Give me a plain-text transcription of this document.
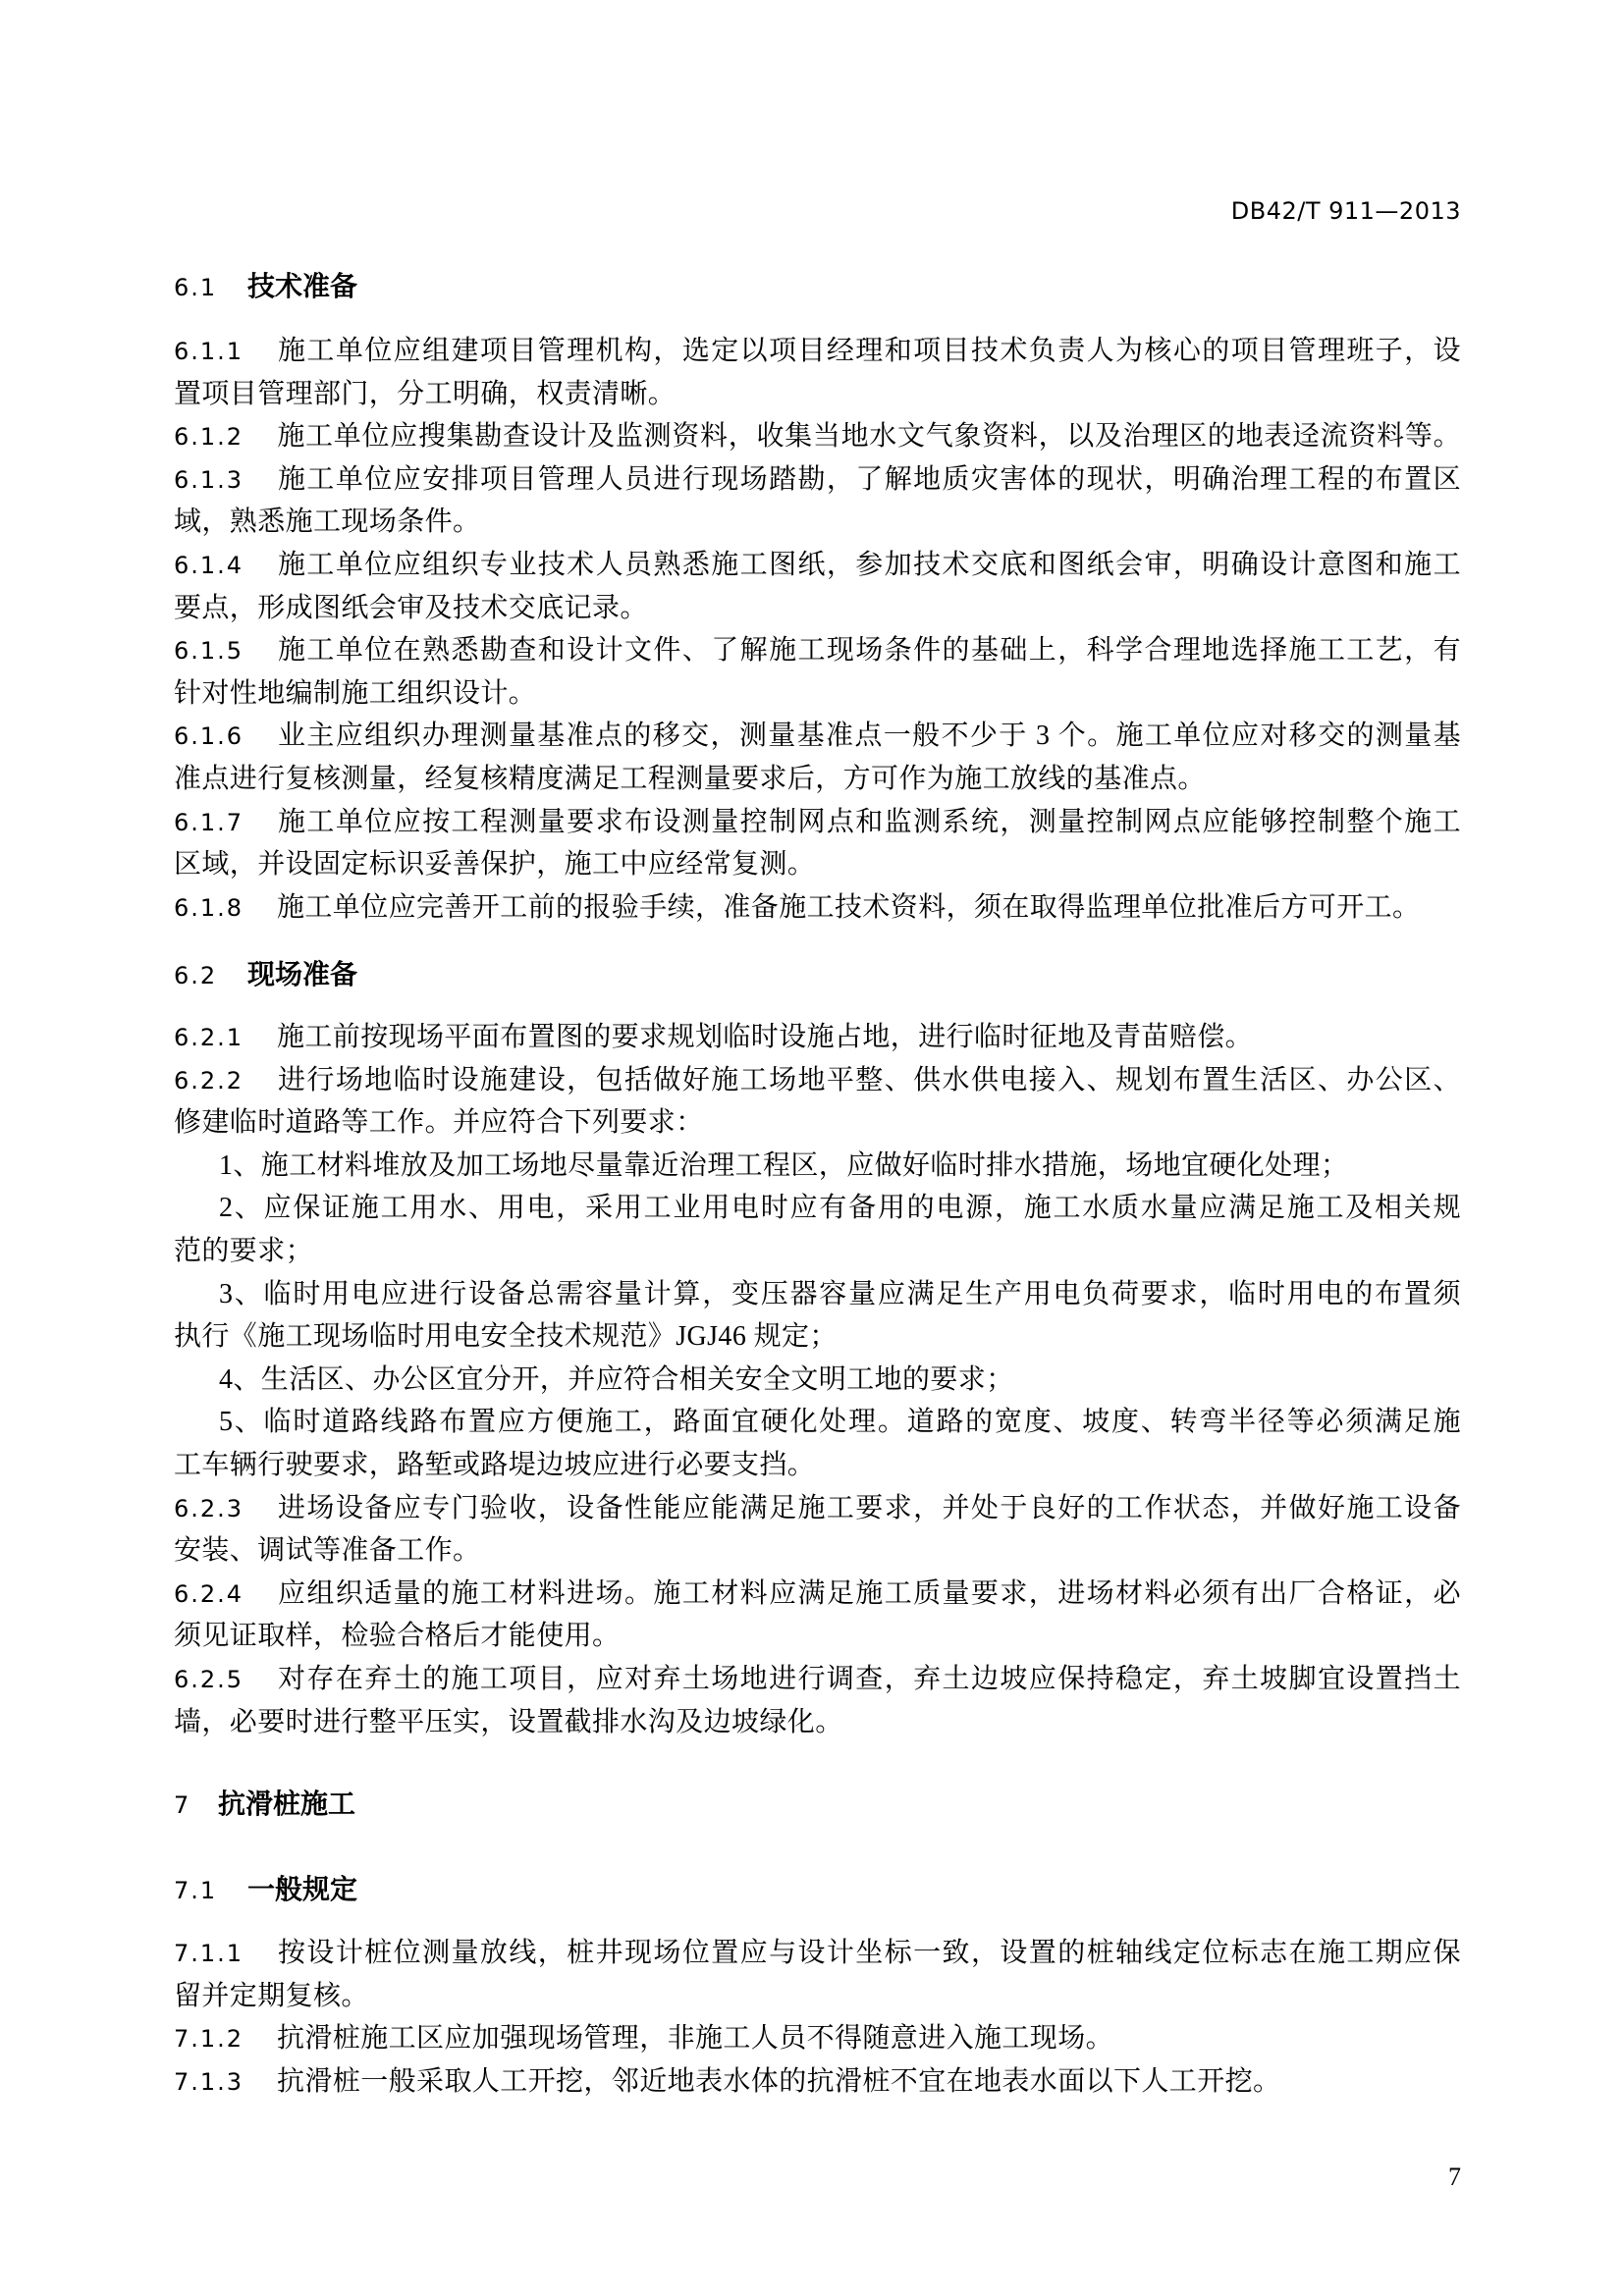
DB42/T 911—2013
6.1 技术准备
6.1.1 施工单位应组建项目管理机构，选定以项目经理和项目技术负责人为核心的项目管理班子，设
置项目管理部门，分工明确，权责清晰。
6.1.2 施工单位应搜集勘查设计及监测资料，收集当地水文气象资料，以及治理区的地表迳流资料等。
6.1.3 施工单位应安排项目管理人员进行现场踏勘，了解地质灾害体的现状，明确治理工程的布置区
域，熟悉施工现场条件。
6.1.4 施工单位应组织专业技术人员熟悉施工图纸，参加技术交底和图纸会审，明确设计意图和施工
要点，形成图纸会审及技术交底记录。
6.1.5 施工单位在熟悉勘查和设计文件、了解施工现场条件的基础上，科学合理地选择施工工艺，有
针对性地编制施工组织设计。
6.1.6 业主应组织办理测量基准点的移交，测量基准点一般不少于 3 个。施工单位应对移交的测量基
准点进行复核测量，经复核精度满足工程测量要求后，方可作为施工放线的基准点。
6.1.7 施工单位应按工程测量要求布设测量控制网点和监测系统，测量控制网点应能够控制整个施工
区域，并设固定标识妥善保护，施工中应经常复测。
6.1.8 施工单位应完善开工前的报验手续，准备施工技术资料，须在取得监理单位批准后方可开工。
6.2 现场准备
6.2.1 施工前按现场平面布置图的要求规划临时设施占地，进行临时征地及青苗赔偿。
6.2.2 进行场地临时设施建设，包括做好施工场地平整、供水供电接入、规划布置生活区、办公区、
修建临时道路等工作。并应符合下列要求：
1、施工材料堆放及加工场地尽量靠近治理工程区，应做好临时排水措施，场地宜硬化处理；
2、应保证施工用水、用电，采用工业用电时应有备用的电源，施工水质水量应满足施工及相关规
范的要求；
3、临时用电应进行设备总需容量计算，变压器容量应满足生产用电负荷要求，临时用电的布置须
执行《施工现场临时用电安全技术规范》JGJ46 规定；
4、生活区、办公区宜分开，并应符合相关安全文明工地的要求；
5、临时道路线路布置应方便施工，路面宜硬化处理。道路的宽度、坡度、转弯半径等必须满足施
工车辆行驶要求，路堑或路堤边坡应进行必要支挡。
6.2.3 进场设备应专门验收，设备性能应能满足施工要求，并处于良好的工作状态，并做好施工设备
安装、调试等准备工作。
6.2.4 应组织适量的施工材料进场。施工材料应满足施工质量要求，进场材料必须有出厂合格证，必
须见证取样，检验合格后才能使用。
6.2.5 对存在弃土的施工项目，应对弃土场地进行调查，弃土边坡应保持稳定，弃土坡脚宜设置挡土
墙，必要时进行整平压实，设置截排水沟及边坡绿化。
7 抗滑桩施工
7.1 一般规定
7.1.1 按设计桩位测量放线，桩井现场位置应与设计坐标一致，设置的桩轴线定位标志在施工期应保
留并定期复核。
7.1.2 抗滑桩施工区应加强现场管理，非施工人员不得随意进入施工现场。
7.1.3 抗滑桩一般采取人工开挖，邻近地表水体的抗滑桩不宜在地表水面以下人工开挖。
7
